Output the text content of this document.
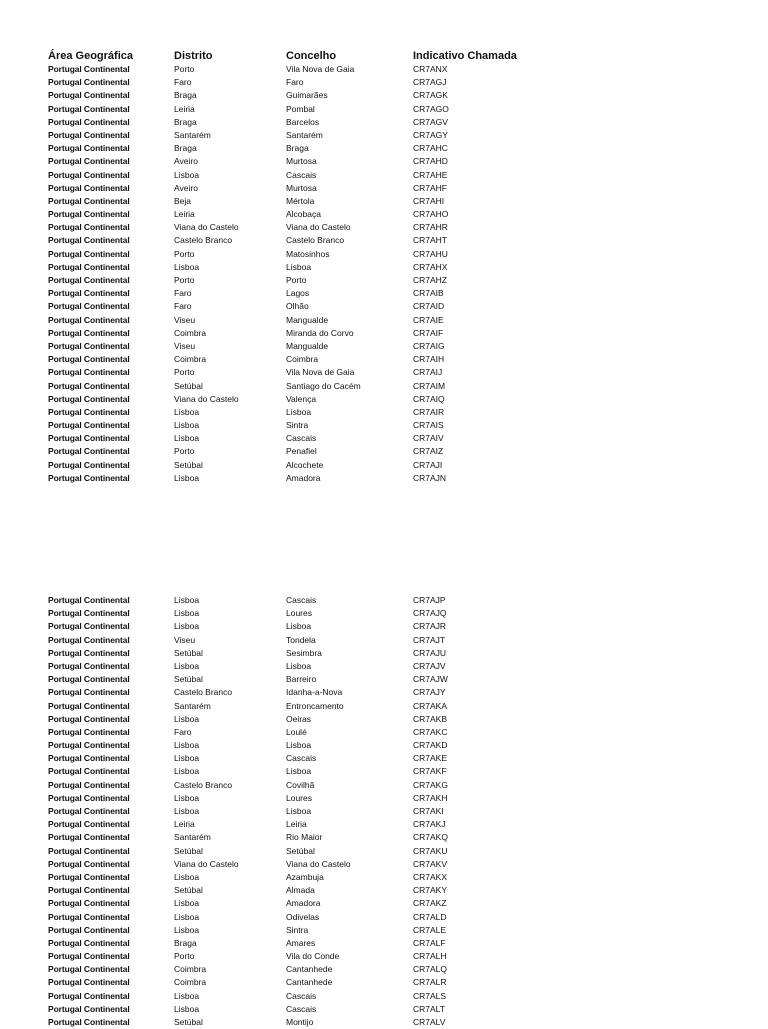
Área Geográfica	Distrito	Concelho	Indicativo Chamada
Portugal Continental	Porto	Vila Nova de Gaia	CR7ANX
Portugal Continental	Faro	Faro	CR7AGJ
Portugal Continental	Braga	Guimarães	CR7AGK
Portugal Continental	Leiria	Pombal	CR7AGO
Portugal Continental	Braga	Barcelos	CR7AGV
Portugal Continental	Santarém	Santarém	CR7AGY
Portugal Continental	Braga	Braga	CR7AHC
Portugal Continental	Aveiro	Murtosa	CR7AHD
Portugal Continental	Lisboa	Cascais	CR7AHE
Portugal Continental	Aveiro	Murtosa	CR7AHF
Portugal Continental	Beja	Mértola	CR7AHI
Portugal Continental	Leiria	Alcobaça	CR7AHO
Portugal Continental	Viana do Castelo	Viana do Castelo	CR7AHR
Portugal Continental	Castelo Branco	Castelo Branco	CR7AHT
Portugal Continental	Porto	Matosinhos	CR7AHU
Portugal Continental	Lisboa	Lisboa	CR7AHX
Portugal Continental	Porto	Porto	CR7AHZ
Portugal Continental	Faro	Lagos	CR7AIB
Portugal Continental	Faro	Olhão	CR7AID
Portugal Continental	Viseu	Mangualde	CR7AIE
Portugal Continental	Coimbra	Miranda do Corvo	CR7AIF
Portugal Continental	Viseu	Mangualde	CR7AIG
Portugal Continental	Coimbra	Coimbra	CR7AIH
Portugal Continental	Porto	Vila Nova de Gaia	CR7AIJ
Portugal Continental	Setúbal	Santiago do Cacém	CR7AIM
Portugal Continental	Viana do Castelo	Valença	CR7AIQ
Portugal Continental	Lisboa	Lisboa	CR7AIR
Portugal Continental	Lisboa	Sintra	CR7AIS
Portugal Continental	Lisboa	Cascais	CR7AIV
Portugal Continental	Porto	Penafiel	CR7AIZ
Portugal Continental	Setúbal	Alcochete	CR7AJI
Portugal Continental	Lisboa	Amadora	CR7AJN
Portugal Continental	Lisboa	Cascais	CR7AJP
Portugal Continental	Lisboa	Loures	CR7AJQ
Portugal Continental	Lisboa	Lisboa	CR7AJR
Portugal Continental	Viseu	Tondela	CR7AJT
Portugal Continental	Setúbal	Sesimbra	CR7AJU
Portugal Continental	Lisboa	Lisboa	CR7AJV
Portugal Continental	Setúbal	Barreiro	CR7AJW
Portugal Continental	Castelo Branco	Idanha-a-Nova	CR7AJY
Portugal Continental	Santarém	Entroncamento	CR7AKA
Portugal Continental	Lisboa	Oeiras	CR7AKB
Portugal Continental	Faro	Loulé	CR7AKC
Portugal Continental	Lisboa	Lisboa	CR7AKD
Portugal Continental	Lisboa	Cascais	CR7AKE
Portugal Continental	Lisboa	Lisboa	CR7AKF
Portugal Continental	Castelo Branco	Covilhã	CR7AKG
Portugal Continental	Lisboa	Loures	CR7AKH
Portugal Continental	Lisboa	Lisboa	CR7AKI
Portugal Continental	Leiria	Leiria	CR7AKJ
Portugal Continental	Santarém	Rio Maior	CR7AKQ
Portugal Continental	Setúbal	Setúbal	CR7AKU
Portugal Continental	Viana do Castelo	Viana do Castelo	CR7AKV
Portugal Continental	Lisboa	Azambuja	CR7AKX
Portugal Continental	Setúbal	Almada	CR7AKY
Portugal Continental	Lisboa	Amadora	CR7AKZ
Portugal Continental	Lisboa	Odivelas	CR7ALD
Portugal Continental	Lisboa	Sintra	CR7ALE
Portugal Continental	Braga	Amares	CR7ALF
Portugal Continental	Porto	Vila do Conde	CR7ALH
Portugal Continental	Coimbra	Cantanhede	CR7ALQ
Portugal Continental	Coimbra	Cantanhede	CR7ALR
Portugal Continental	Lisboa	Cascais	CR7ALS
Portugal Continental	Lisboa	Cascais	CR7ALT
Portugal Continental	Setúbal	Montijo	CR7ALV
